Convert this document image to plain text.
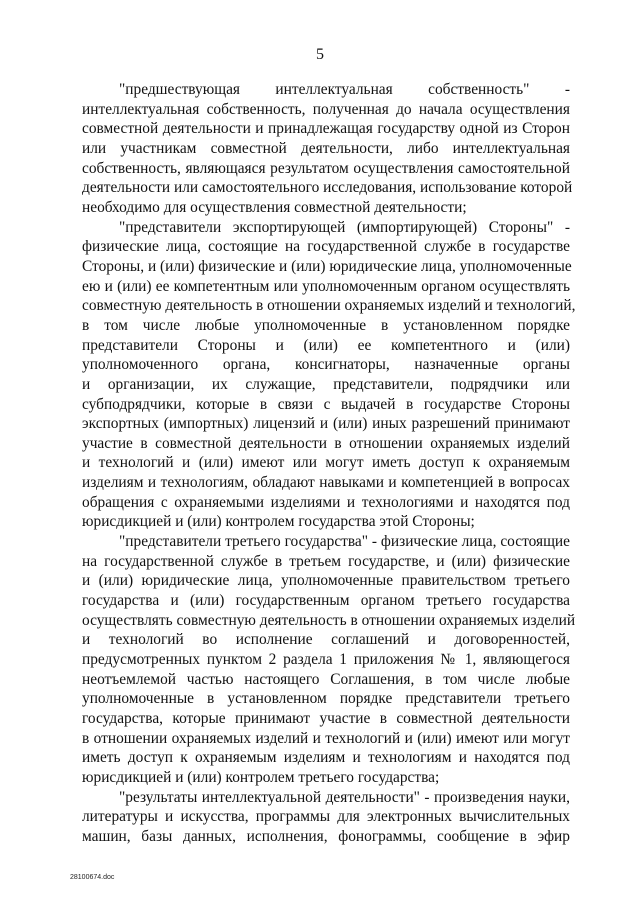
5
"предшествующая интеллектуальная собственность" -
интеллектуальная собственность, полученная до начала осуществления
совместной деятельности и принадлежащая государству одной из Сторон
или участникам совместной деятельности, либо интеллектуальная
собственность, являющаяся результатом осуществления самостоятельной
деятельности или самостоятельного исследования, использование которой
необходимо для осуществления совместной деятельности;
"представители экспортирующей (импортирующей) Стороны" -
физические лица, состоящие на государственной службе в государстве
Стороны, и (или) физические и (или) юридические лица, уполномоченные
ею и (или) ее компетентным или уполномоченным органом осуществлять
совместную деятельность в отношении охраняемых изделий и технологий,
в том числе любые уполномоченные в установленном порядке
представители Стороны и (или) ее компетентного и (или)
уполномоченного органа, консигнаторы, назначенные органы
и организации, их служащие, представители, подрядчики или
субподрядчики, которые в связи с выдачей в государстве Стороны
экспортных (импортных) лицензий и (или) иных разрешений принимают
участие в совместной деятельности в отношении охраняемых изделий
и технологий и (или) имеют или могут иметь доступ к охраняемым
изделиям и технологиям, обладают навыками и компетенцией в вопросах
обращения с охраняемыми изделиями и технологиями и находятся под
юрисдикцией и (или) контролем государства этой Стороны;
"представители третьего государства" - физические лица, состоящие
на государственной службе в третьем государстве, и (или) физические
и (или) юридические лица, уполномоченные правительством третьего
государства и (или) государственным органом третьего государства
осуществлять совместную деятельность в отношении охраняемых изделий
и технологий во исполнение соглашений и договоренностей,
предусмотренных пунктом 2 раздела 1 приложения № 1, являющегося
неотъемлемой частью настоящего Соглашения, в том числе любые
уполномоченные в установленном порядке представители третьего
государства, которые принимают участие в совместной деятельности
в отношении охраняемых изделий и технологий и (или) имеют или могут
иметь доступ к охраняемым изделиям и технологиям и находятся под
юрисдикцией и (или) контролем третьего государства;
"результаты интеллектуальной деятельности" - произведения науки,
литературы и искусства, программы для электронных вычислительных
машин, базы данных, исполнения, фонограммы, сообщение в эфир
28100674.doc
